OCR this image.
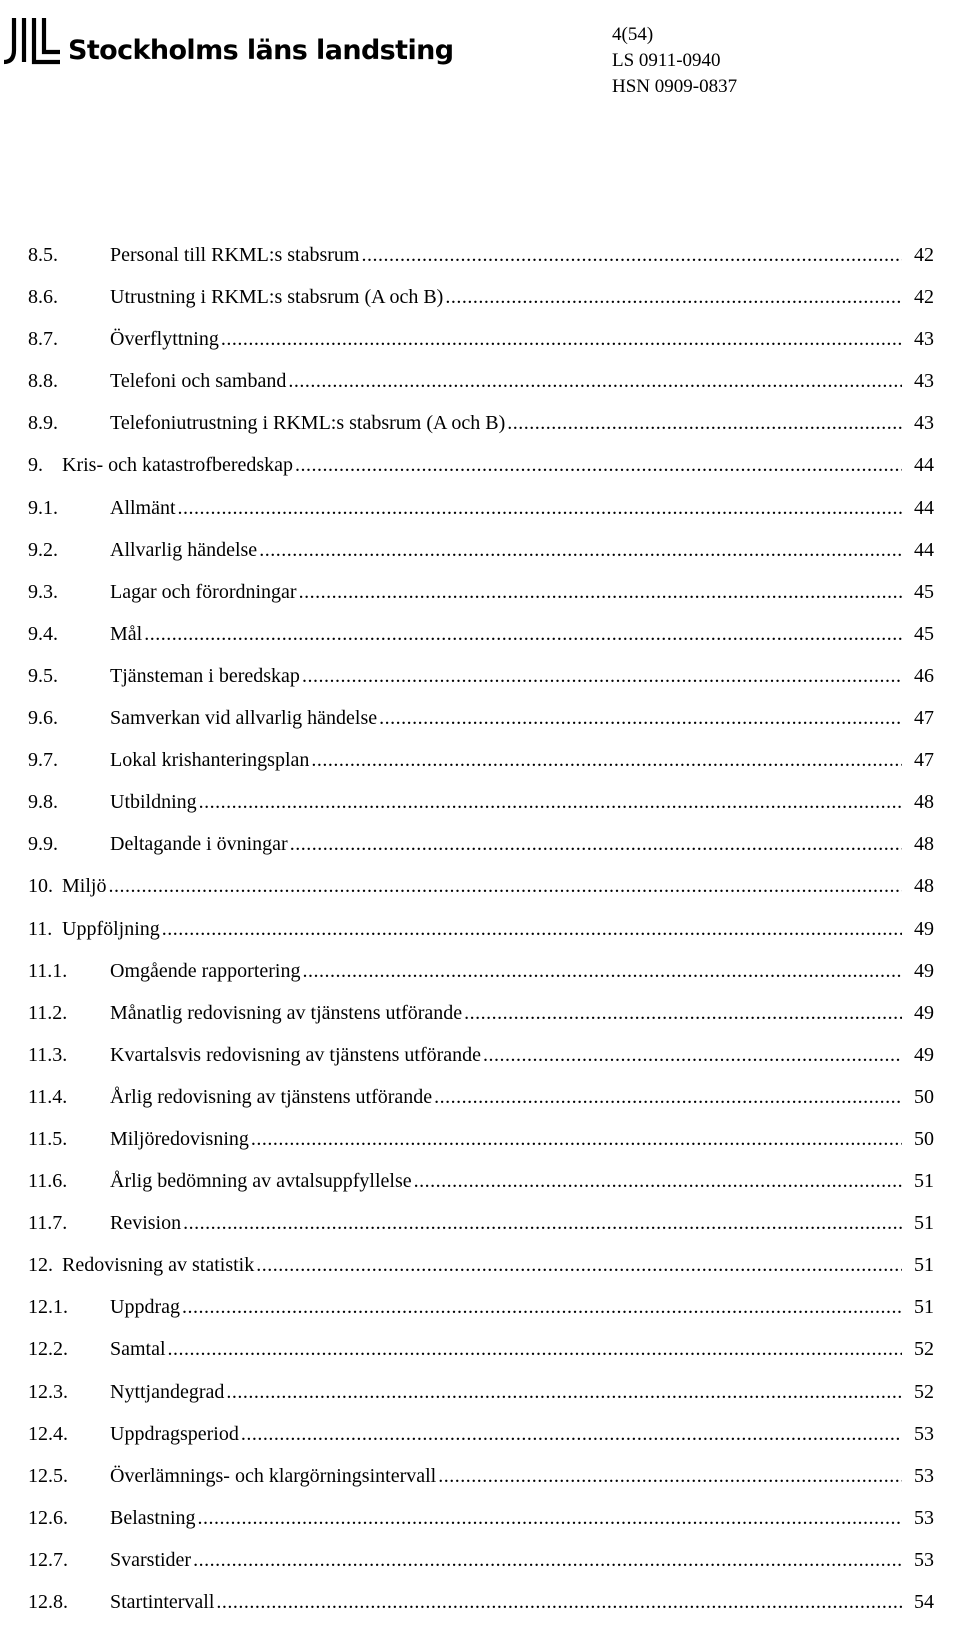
Stockholms läns landsting
4(54)
LS 0911-0940
HSN 0909-0837
8.5.	Personal till RKML:s stabsrum .....	42
8.6.	Utrustning i RKML:s stabsrum (A och B) .....	42
8.7.	Överflyttning .....	43
8.8.	Telefoni och samband .....	43
8.9.	Telefoniutrustning i RKML:s stabsrum (A och B) .....	43
9. Kris- och katastrofberedskap .....	44
9.1.	Allmänt .....	44
9.2.	Allvarlig händelse .....	44
9.3.	Lagar och förordningar .....	45
9.4.	Mål .....	45
9.5.	Tjänsteman i beredskap .....	46
9.6.	Samverkan vid allvarlig händelse .....	47
9.7.	Lokal krishanteringsplan .....	47
9.8.	Utbildning .....	48
9.9.	Deltagande i övningar .....	48
10. Miljö .....	48
11. Uppföljning .....	49
11.1.	Omgående rapportering .....	49
11.2.	Månatlig redovisning av tjänstens utförande .....	49
11.3.	Kvartalsvis redovisning av tjänstens utförande .....	49
11.4.	Årlig redovisning av tjänstens utförande .....	50
11.5.	Miljöredovisning .....	50
11.6.	Årlig bedömning av avtalsuppfyllelse .....	51
11.7.	Revision .....	51
12. Redovisning av statistik .....	51
12.1.	Uppdrag .....	51
12.2.	Samtal .....	52
12.3.	Nyttjandegrad .....	52
12.4.	Uppdragsperiod .....	53
12.5.	Överlämnings- och klargörningsintervall .....	53
12.6.	Belastning .....	53
12.7.	Svarstider .....	53
12.8.	Startintervall .....	54
